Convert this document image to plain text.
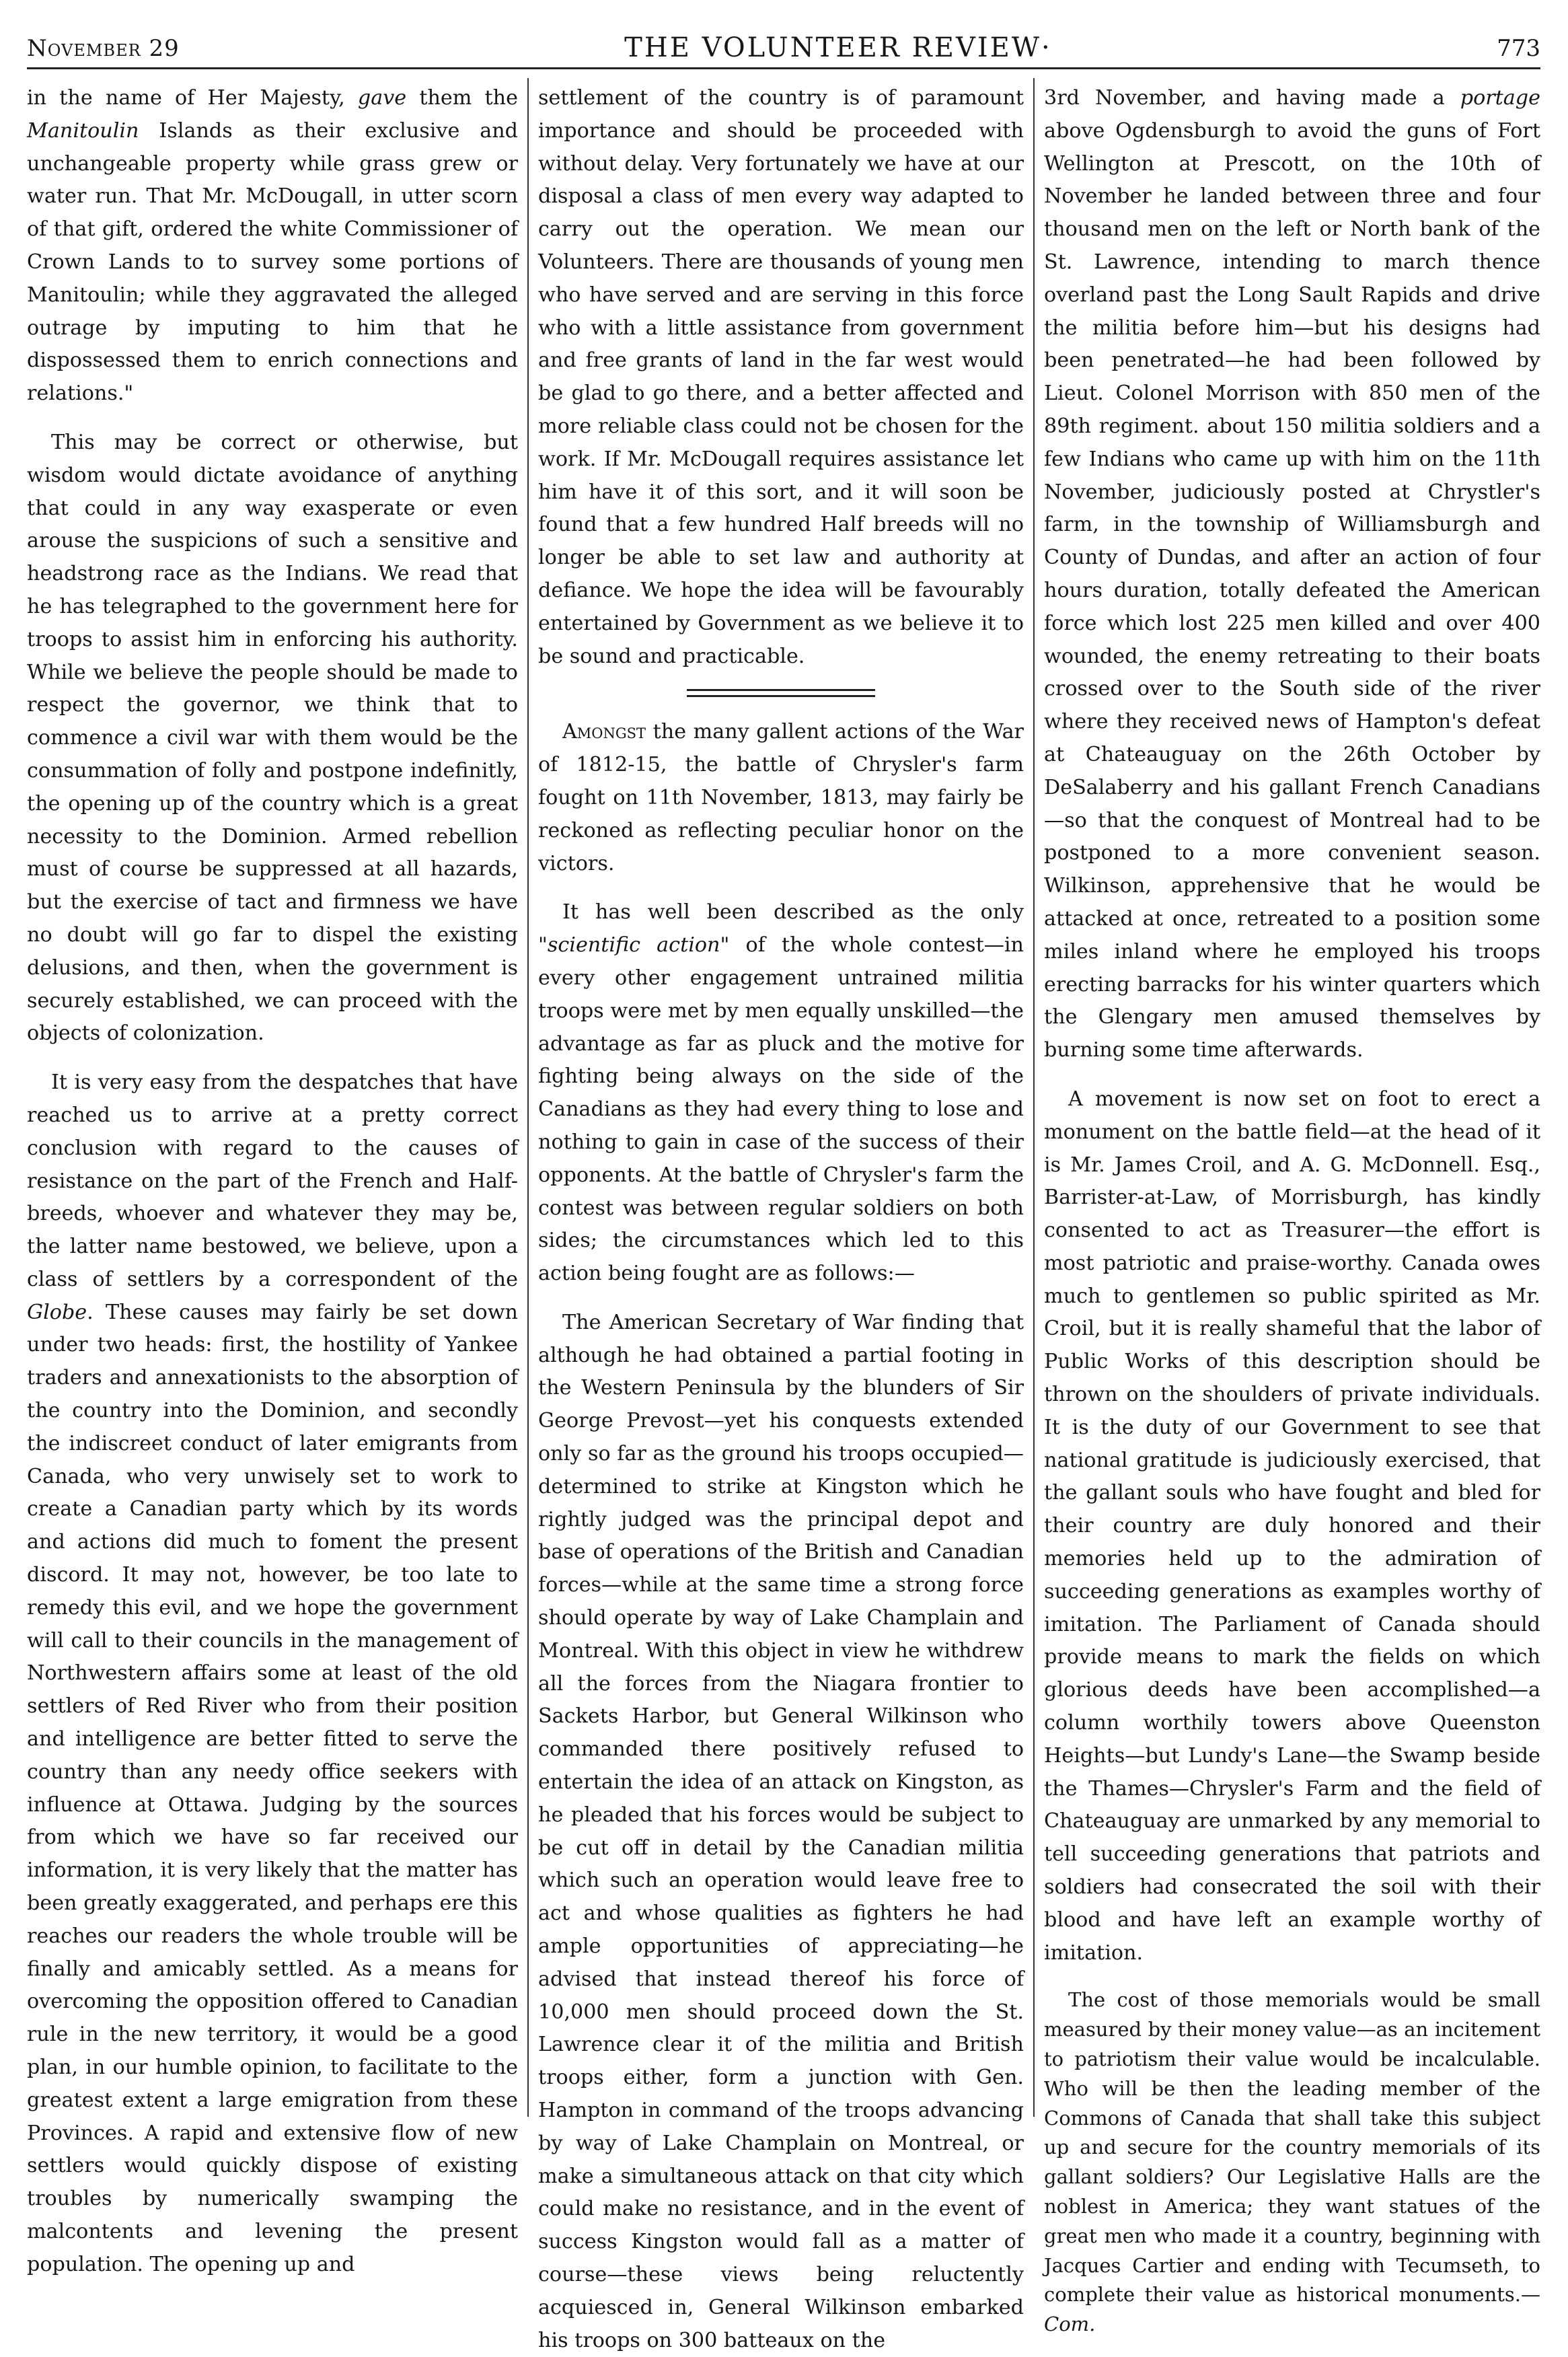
November 29	THE VOLUNTEER REVIEW·	773

in the name of Her Majesty, gave them the Manitoulin Islands as their exclusive and unchangeable property while grass grew or water run. That Mr. McDougall, in utter scorn of that gift, ordered the white Commissioner of Crown Lands to to survey some portions of Manitoulin; while they aggravated the alleged outrage by imputing to him that he dispossessed them to enrich connections and relations."

This may be correct or otherwise, but wisdom would dictate avoidance of anything that could in any way exasperate or even arouse the suspicions of such a sensitive and headstrong race as the Indians. We read that he has telegraphed to the government here for troops to assist him in enforcing his authority. While we believe the people should be made to respect the governor, we think that to commence a civil war with them would be the consummation of folly and postpone indefinitly, the opening up of the country which is a great necessity to the Dominion. Armed rebellion must of course be suppressed at all hazards, but the exercise of tact and firmness we have no doubt will go far to dispel the existing delusions, and then, when the government is securely established, we can proceed with the objects of colonization.

It is very easy from the despatches that have reached us to arrive at a pretty correct conclusion with regard to the causes of resistance on the part of the French and Half-breeds, whoever and whatever they may be, the latter name bestowed, we believe, upon a class of settlers by a correspondent of the Globe. These causes may fairly be set down under two heads: first, the hostility of Yankee traders and annexationists to the absorption of the country into the Dominion, and secondly the indiscreet conduct of later emigrants from Canada, who very unwisely set to work to create a Canadian party which by its words and actions did much to foment the present discord. It may not, however, be too late to remedy this evil, and we hope the government will call to their councils in the management of Northwestern affairs some at least of the old settlers of Red River who from their position and intelligence are better fitted to serve the country than any needy office seekers with influence at Ottawa. Judging by the sources from which we have so far received our information, it is very likely that the matter has been greatly exaggerated, and perhaps ere this reaches our readers the whole trouble will be finally and amicably settled. As a means for overcoming the opposition offered to Canadian rule in the new territory, it would be a good plan, in our humble opinion, to facilitate to the greatest extent a large emigration from these Provinces. A rapid and extensive flow of new settlers would quickly dispose of existing troubles by numerically swamping the malcontents and levening the present population. The opening up and

settlement of the country is of paramount importance and should be proceeded with without delay. Very fortunately we have at our disposal a class of men every way adapted to carry out the operation. We mean our Volunteers. There are thousands of young men who have served and are serving in this force who with a little assistance from government and free grants of land in the far west would be glad to go there, and a better affected and more reliable class could not be chosen for the work. If Mr. McDougall requires assistance let him have it of this sort, and it will soon be found that a few hundred Half breeds will no longer be able to set law and authority at defiance. We hope the idea will be favourably entertained by Government as we believe it to be sound and practicable.

Amongst the many gallent actions of the War of 1812-15, the battle of Chrysler's farm fought on 11th November, 1813, may fairly be reckoned as reflecting peculiar honor on the victors.

It has well been described as the only "scientific action" of the whole contest—in every other engagement untrained militia troops were met by men equally unskilled—the advantage as far as pluck and the motive for fighting being always on the side of the Canadians as they had every thing to lose and nothing to gain in case of the success of their opponents. At the battle of Chrysler's farm the contest was between regular soldiers on both sides; the circumstances which led to this action being fought are as follows:—

The American Secretary of War finding that although he had obtained a partial footing in the Western Peninsula by the blunders of Sir George Prevost—yet his conquests extended only so far as the ground his troops occupied—determined to strike at Kingston which he rightly judged was the principal depot and base of operations of the British and Canadian forces—while at the same time a strong force should operate by way of Lake Champlain and Montreal. With this object in view he withdrew all the forces from the Niagara frontier to Sackets Harbor, but General Wilkinson who commanded there positively refused to entertain the idea of an attack on Kingston, as he pleaded that his forces would be subject to be cut off in detail by the Canadian militia which such an operation would leave free to act and whose qualities as fighters he had ample opportunities of appreciating—he advised that instead thereof his force of 10,000 men should proceed down the St. Lawrence clear it of the militia and British troops either, form a junction with Gen. Hampton in command of the troops advancing by way of Lake Champlain on Montreal, or make a simultaneous attack on that city which could make no resistance, and in the event of success Kingston would fall as a matter of course—these views being reluctently acquiesced in, General Wilkinson embarked his troops on 300 batteaux on the

3rd November, and having made a portage above Ogdensburgh to avoid the guns of Fort Wellington at Prescott, on the 10th of November he landed between three and four thousand men on the left or North bank of the St. Lawrence, intending to march thence overland past the Long Sault Rapids and drive the militia before him—but his designs had been penetrated—he had been followed by Lieut. Colonel Morrison with 850 men of the 89th regiment. about 150 militia soldiers and a few Indians who came up with him on the 11th November, judiciously posted at Chrystler's farm, in the township of Williamsburgh and County of Dundas, and after an action of four hours duration, totally defeated the American force which lost 225 men killed and over 400 wounded, the enemy retreating to their boats crossed over to the South side of the river where they received news of Hampton's defeat at Chateauguay on the 26th October by DeSalaberry and his gallant French Canadians—so that the conquest of Montreal had to be postponed to a more convenient season. Wilkinson, apprehensive that he would be attacked at once, retreated to a position some miles inland where he employed his troops erecting barracks for his winter quarters which the Glengary men amused themselves by burning some time afterwards.

A movement is now set on foot to erect a monument on the battle field—at the head of it is Mr. James Croil, and A. G. McDonnell. Esq., Barrister-at-Law, of Morrisburgh, has kindly consented to act as Treasurer—the effort is most patriotic and praise-worthy. Canada owes much to gentlemen so public spirited as Mr. Croil, but it is really shameful that the labor of Public Works of this description should be thrown on the shoulders of private individuals. It is the duty of our Government to see that national gratitude is judiciously exercised, that the gallant souls who have fought and bled for their country are duly honored and their memories held up to the admiration of succeeding generations as examples worthy of imitation. The Parliament of Canada should provide means to mark the fields on which glorious deeds have been accomplished—a column worthily towers above Queenston Heights—but Lundy's Lane—the Swamp beside the Thames—Chrysler's Farm and the field of Chateauguay are unmarked by any memorial to tell succeeding generations that patriots and soldiers had consecrated the soil with their blood and have left an example worthy of imitation.

The cost of those memorials would be small measured by their money value—as an incitement to patriotism their value would be incalculable. Who will be then the leading member of the Commons of Canada that shall take this subject up and secure for the country memorials of its gallant soldiers? Our Legislative Halls are the noblest in America; they want statues of the great men who made it a country, beginning with Jacques Cartier and ending with Tecumseth, to complete their value as historical monuments.—Com.
